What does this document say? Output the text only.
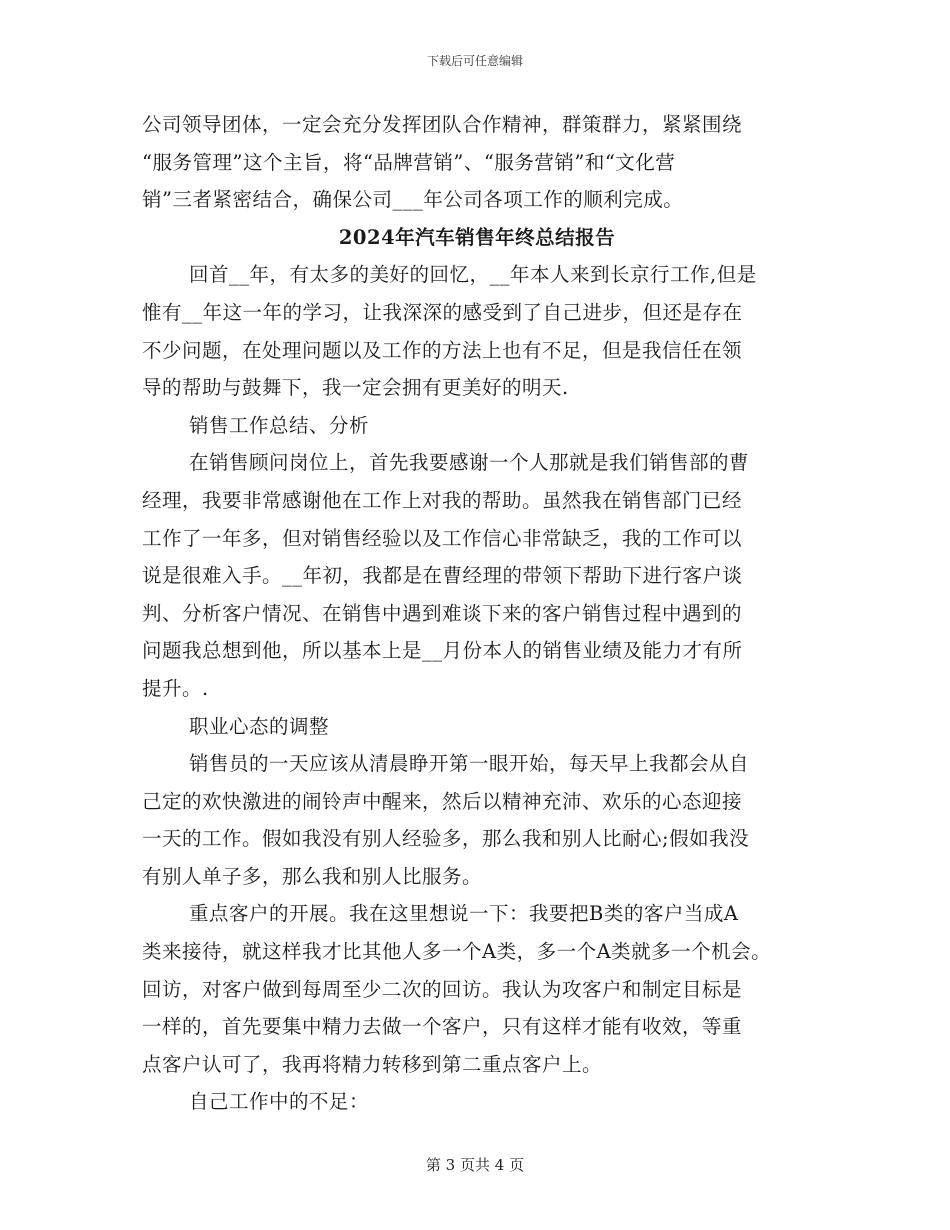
下载后可任意编辑
公司领导团体，一定会充分发挥团队合作精神，群策群力，紧紧围绕
“服务管理”这个主旨，将“品牌营销”、“服务营销”和“文化营
销”三者紧密结合，确保公司___年公司各项工作的顺利完成。
2024年汽车销售年终总结报告
回首__年，有太多的美好的回忆，__年本人来到长京行工作,但是
惟有__年这一年的学习，让我深深的感受到了自己进步，但还是存在
不少问题，在处理问题以及工作的方法上也有不足，但是我信任在领
导的帮助与鼓舞下，我一定会拥有更美好的明天.
销售工作总结、分析
在销售顾问岗位上，首先我要感谢一个人那就是我们销售部的曹
经理，我要非常感谢他在工作上对我的帮助。虽然我在销售部门已经
工作了一年多，但对销售经验以及工作信心非常缺乏，我的工作可以
说是很难入手。__年初，我都是在曹经理的带领下帮助下进行客户谈
判、分析客户情况、在销售中遇到难谈下来的客户销售过程中遇到的
问题我总想到他，所以基本上是__月份本人的销售业绩及能力才有所
提升。.
职业心态的调整
销售员的一天应该从清晨睁开第一眼开始，每天早上我都会从自
己定的欢快激进的闹铃声中醒来，然后以精神充沛、欢乐的心态迎接
一天的工作。假如我没有别人经验多，那么我和别人比耐心;假如我没
有别人单子多，那么我和别人比服务。
重点客户的开展。我在这里想说一下：我要把B类的客户当成A
类来接待，就这样我才比其他人多一个A类，多一个A类就多一个机会。
回访，对客户做到每周至少二次的回访。我认为攻客户和制定目标是
一样的，首先要集中精力去做一个客户，只有这样才能有收效，等重
点客户认可了，我再将精力转移到第二重点客户上。
自己工作中的不足：
第 3 页共 4 页
